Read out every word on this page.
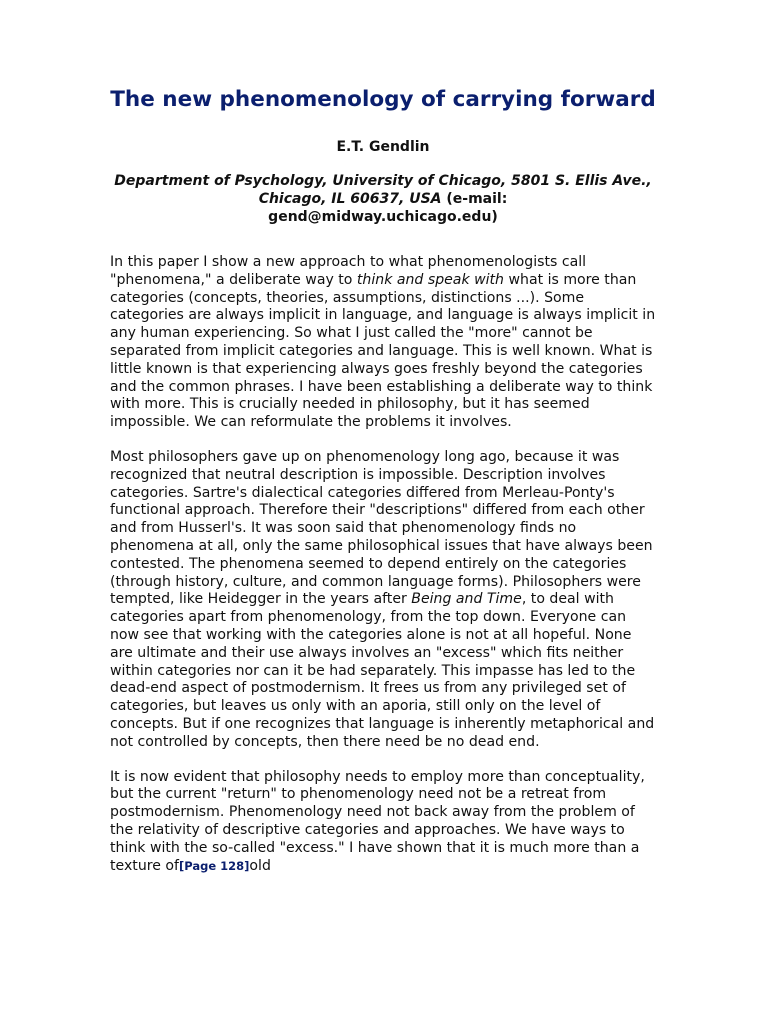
The new phenomenology of carrying forward

E.T. Gendlin

Department of Psychology, University of Chicago, 5801 S. Ellis Ave., Chicago, IL 60637, USA (e-mail:
gend@midway.uchicago.edu)

In this paper I show a new approach to what phenomenologists call "phenomena," a deliberate way to think and speak with what is more than categories (concepts, theories, assumptions, distinctions ...). Some categories are always implicit in language, and language is always implicit in any human experiencing. So what I just called the "more" cannot be separated from implicit categories and language. This is well known. What is little known is that experiencing always goes freshly beyond the categories and the common phrases. I have been establishing a deliberate way to think with more. This is crucially needed in philosophy, but it has seemed impossible. We can reformulate the problems it involves.

Most philosophers gave up on phenomenology long ago, because it was recognized that neutral description is impossible. Description involves categories. Sartre's dialectical categories differed from Merleau-Ponty's functional approach. Therefore their "descriptions" differed from each other and from Husserl's. It was soon said that phenomenology finds no phenomena at all, only the same philosophical issues that have always been contested. The phenomena seemed to depend entirely on the categories (through history, culture, and common language forms). Philosophers were tempted, like Heidegger in the years after Being and Time, to deal with categories apart from phenomenology, from the top down. Everyone can now see that working with the categories alone is not at all hopeful. None are ultimate and their use always involves an "excess" which fits neither within categories nor can it be had separately. This impasse has led to the dead-end aspect of postmodernism. It frees us from any privileged set of categories, but leaves us only with an aporia, still only on the level of concepts. But if one recognizes that language is inherently metaphorical and not controlled by concepts, then there need be no dead end.

It is now evident that philosophy needs to employ more than conceptuality, but the current "return" to phenomenology need not be a retreat from postmodernism. Phenomenology need not back away from the problem of the relativity of descriptive categories and approaches. We have ways to think with the so-called "excess." I have shown that it is much more than a texture of[Page 128]old
